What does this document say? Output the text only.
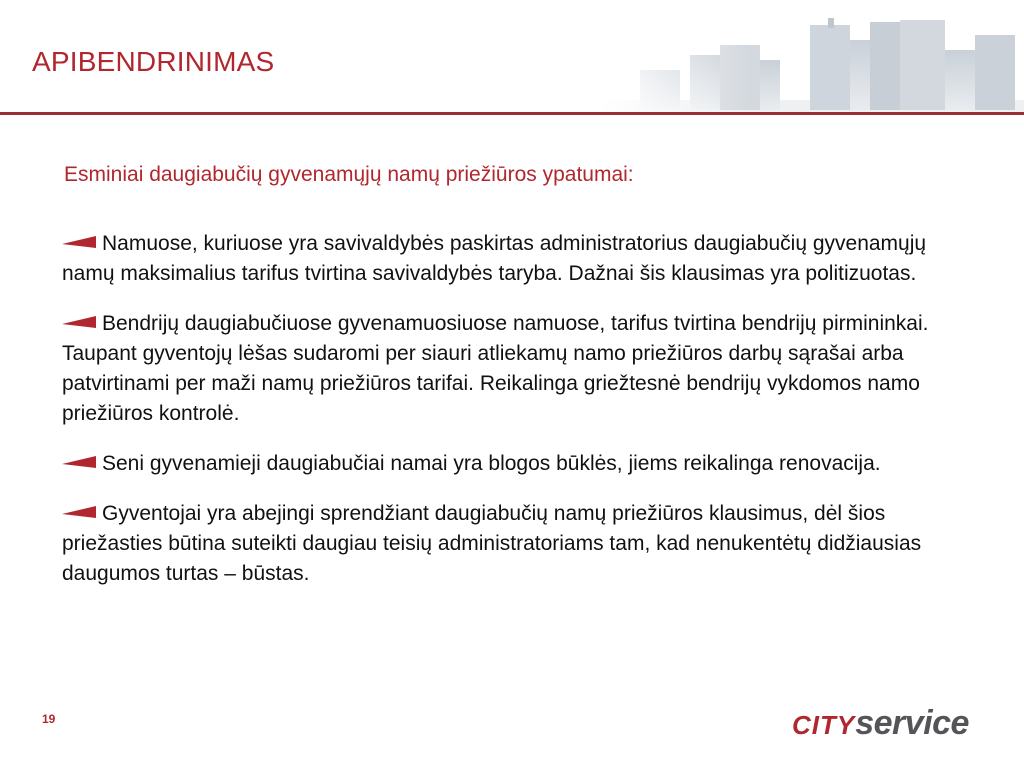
APIBENDRINIMAS
Esminiai daugiabučių gyvenamųjų namų priežiūros ypatumai:

Namuose, kuriuose yra savivaldybės paskirtas administratorius daugiabučių gyvenamųjų namų maksimalius tarifus tvirtina savivaldybės taryba. Dažnai šis klausimas yra politizuotas.

Bendrijų daugiabučiuose gyvenamuosiuose namuose, tarifus tvirtina bendrijų pirmininkai. Taupant gyventojų lėšas sudaromi per siauri atliekamų namo priežiūros darbų sąrašai arba patvirtinami per maži namų priežiūros tarifai. Reikalinga griežtesnė bendrijų vykdomos namo priežiūros kontrolė.

Seni gyvenamieji daugiabučiai namai yra blogos būklės, jiems reikalinga renovacija.

Gyventojai yra abejingi sprendžiant daugiabučių namų priežiūros klausimus, dėl šios priežasties būtina suteikti daugiau teisių administratoriams tam, kad nenukentėtų didžiausias daugumos turtas – būstas.

19	CITYservice
